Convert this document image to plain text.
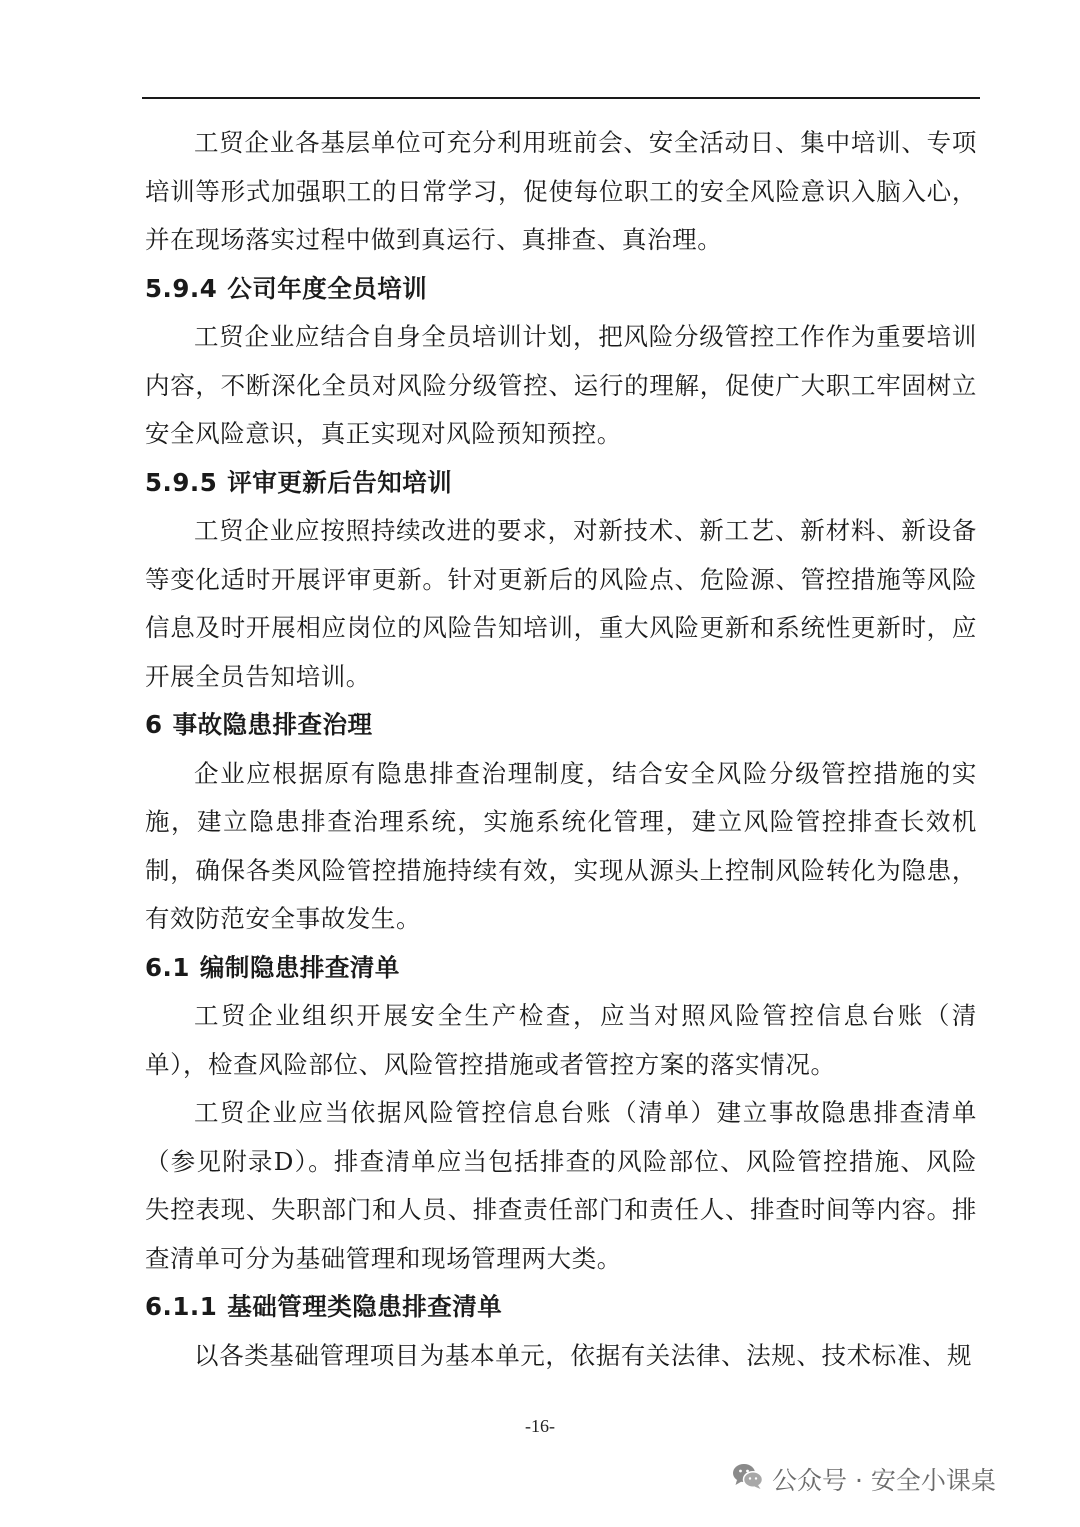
工贸企业各基层单位可充分利用班前会、安全活动日、集中培训、专项培训等形式加强职工的日常学习，促使每位职工的安全风险意识入脑入心，并在现场落实过程中做到真运行、真排查、真治理。

5.9.4 公司年度全员培训

工贸企业应结合自身全员培训计划，把风险分级管控工作作为重要培训内容，不断深化全员对风险分级管控、运行的理解，促使广大职工牢固树立安全风险意识，真正实现对风险预知预控。

5.9.5 评审更新后告知培训

工贸企业应按照持续改进的要求，对新技术、新工艺、新材料、新设备等变化适时开展评审更新。针对更新后的风险点、危险源、管控措施等风险信息及时开展相应岗位的风险告知培训，重大风险更新和系统性更新时，应开展全员告知培训。

6 事故隐患排查治理

企业应根据原有隐患排查治理制度，结合安全风险分级管控措施的实施，建立隐患排查治理系统，实施系统化管理，建立风险管控排查长效机制，确保各类风险管控措施持续有效，实现从源头上控制风险转化为隐患，有效防范安全事故发生。

6.1 编制隐患排查清单

工贸企业组织开展安全生产检查，应当对照风险管控信息台账（清单），检查风险部位、风险管控措施或者管控方案的落实情况。

工贸企业应当依据风险管控信息台账（清单）建立事故隐患排查清单（参见附录D）。排查清单应当包括排查的风险部位、风险管控措施、风险失控表现、失职部门和人员、排查责任部门和责任人、排查时间等内容。排查清单可分为基础管理和现场管理两大类。

6.1.1 基础管理类隐患排查清单

以各类基础管理项目为基本单元，依据有关法律、法规、技术标准、规

-16-
公众号 · 安全小课桌
